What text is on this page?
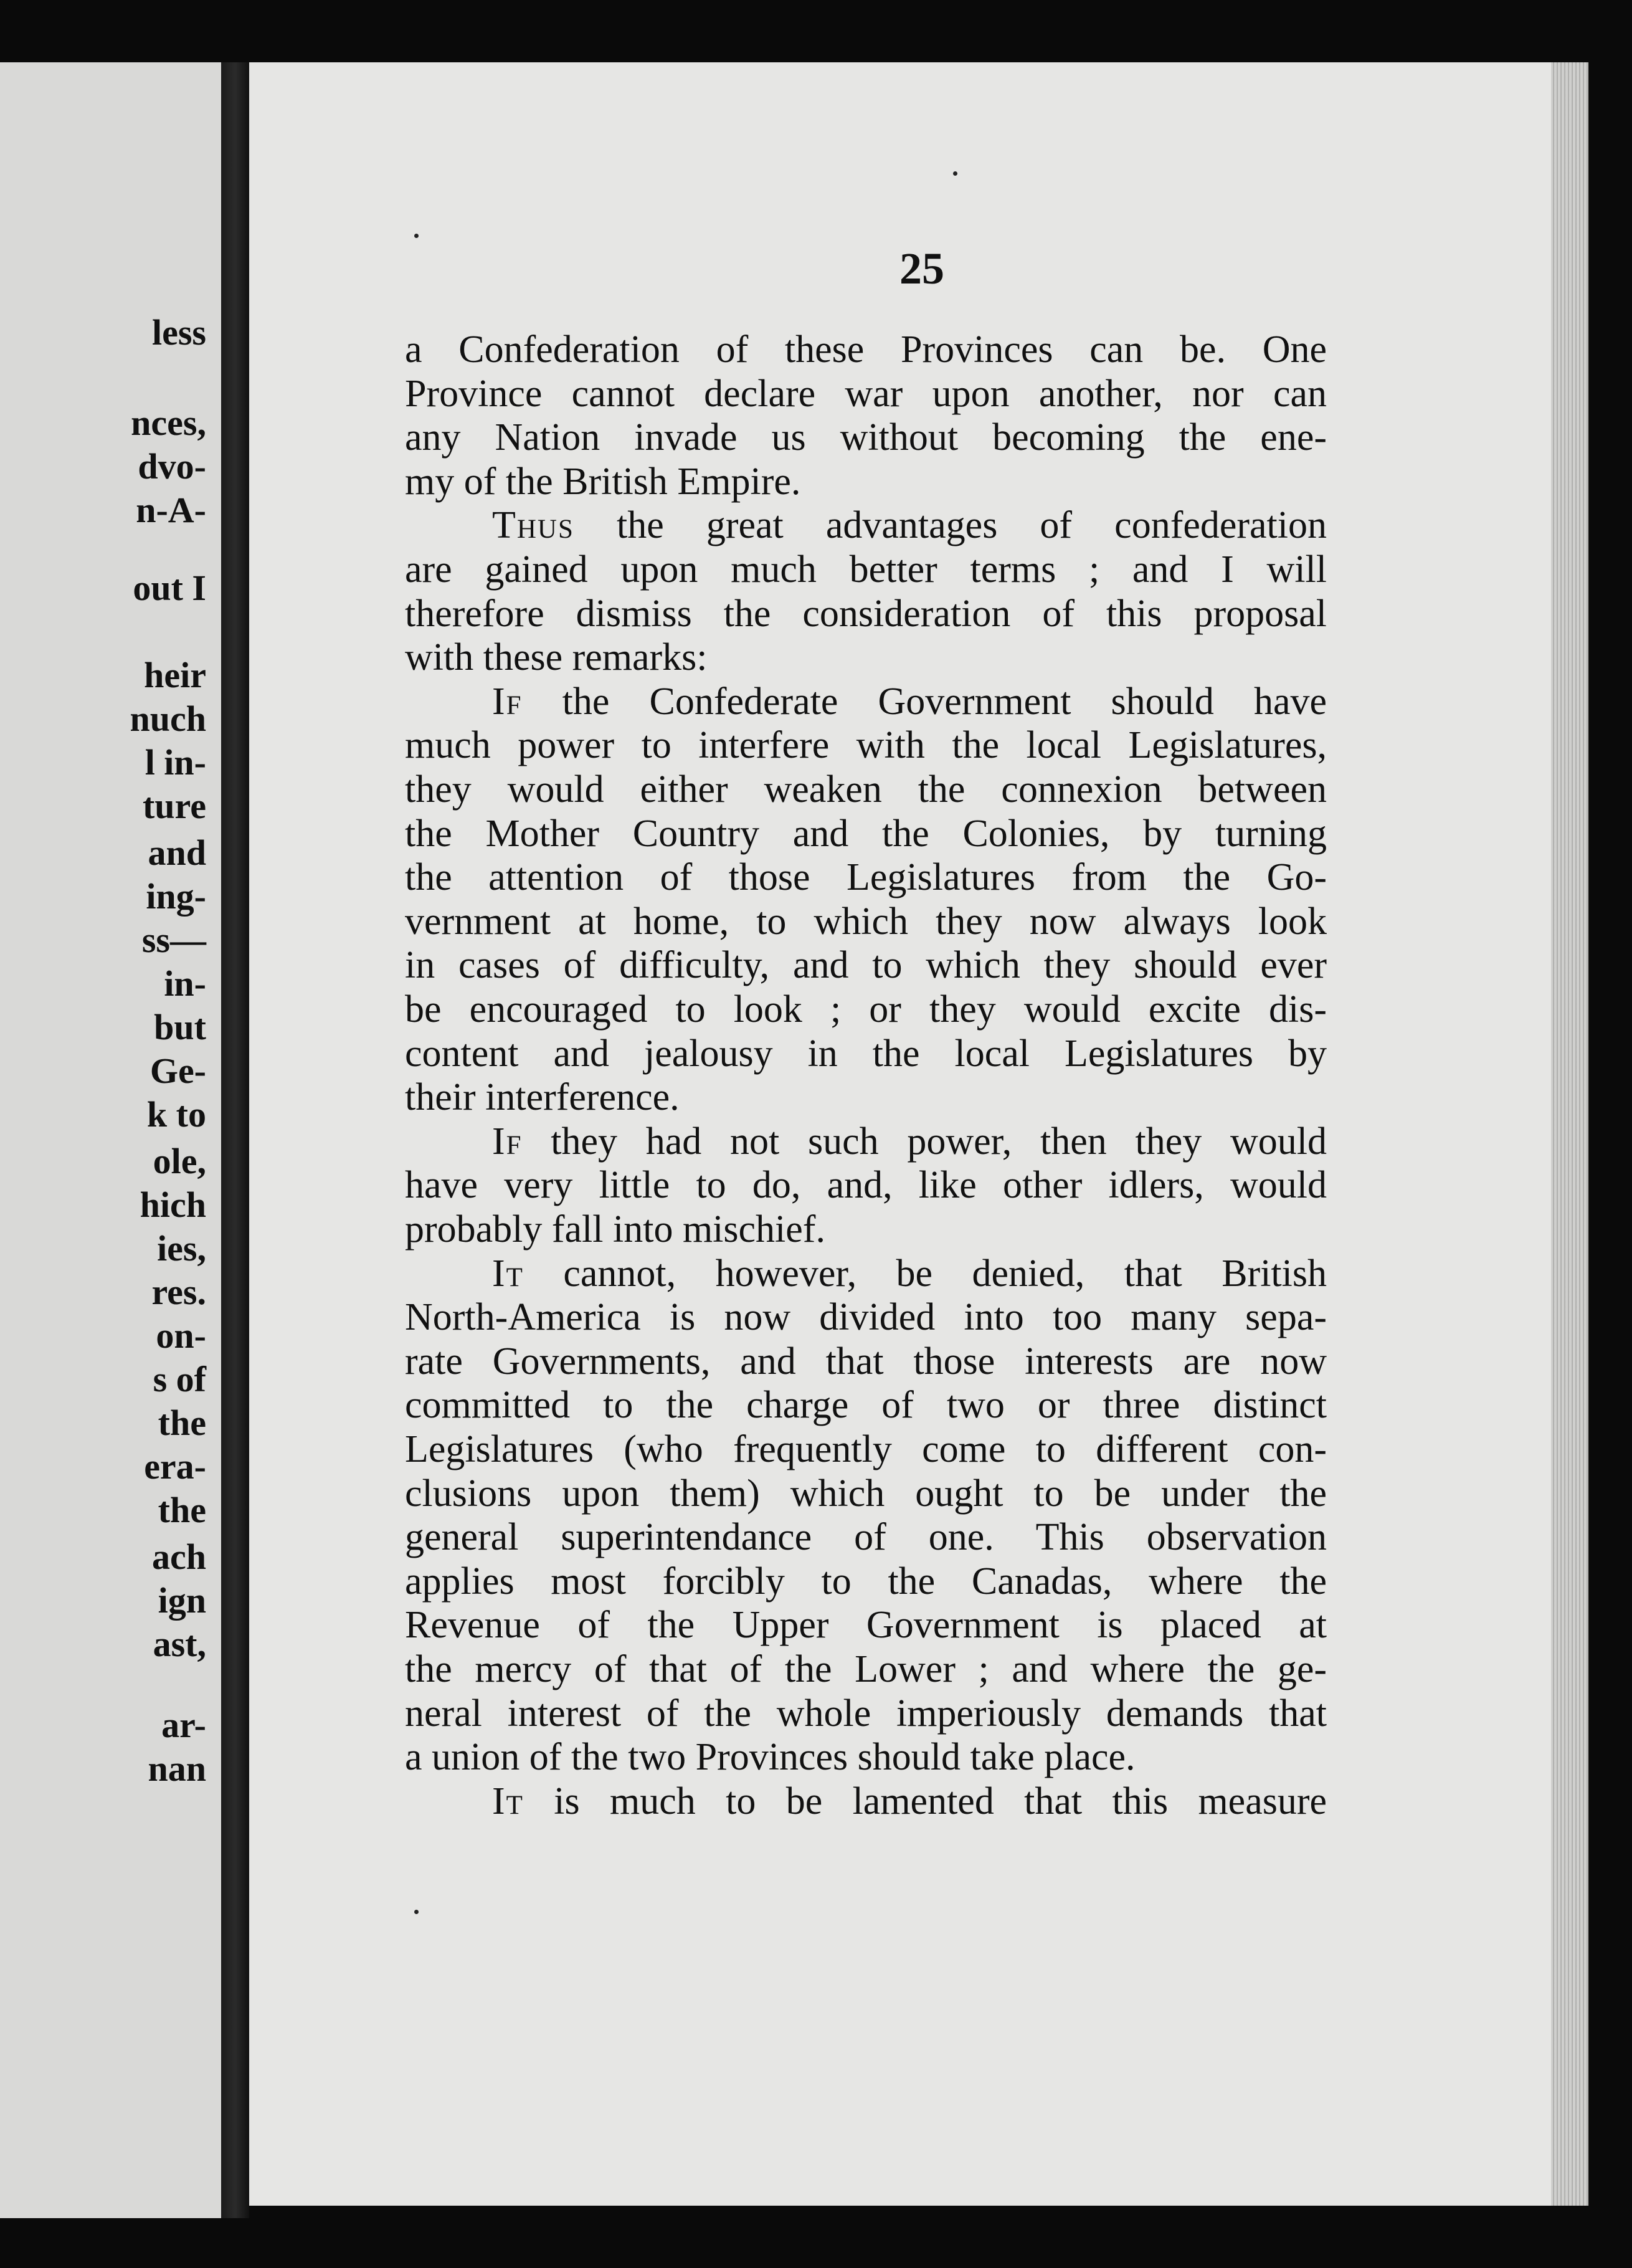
less
nces,
dvo-
n-A-
out I
heir
nuch
l in-
ture
and
ing-
ss—
in-
but
Ge-
k to
ole,
hich
ies,
res.
on-
s of
the
era-
the
ach
ign
ast,
ar-
nan
25
a Confederation of these Provinces can be. One
Province cannot declare war upon another, nor can
any Nation invade us without becoming the ene-
my of the British Empire.
Thus the great advantages of confederation
are gained upon much better terms ; and I will
therefore dismiss the consideration of this proposal
with these remarks:
If the Confederate Government should have
much power to interfere with the local Legislatures,
they would either weaken the connexion between
the Mother Country and the Colonies, by turning
the attention of those Legislatures from the Go-
vernment at home, to which they now always look
in cases of difficulty, and to which they should ever
be encouraged to look ; or they would excite dis-
content and jealousy in the local Legislatures by
their interference.
If they had not such power, then they would
have very little to do, and, like other idlers, would
probably fall into mischief.
It cannot, however, be denied, that British
North-America is now divided into too many sepa-
rate Governments, and that those interests are now
committed to the charge of two or three distinct
Legislatures (who frequently come to different con-
clusions upon them) which ought to be under the
general superintendance of one. This observation
applies most forcibly to the Canadas, where the
Revenue of the Upper Government is placed at
the mercy of that of the Lower ; and where the ge-
neral interest of the whole imperiously demands that
a union of the two Provinces should take place.
It is much to be lamented that this measure
